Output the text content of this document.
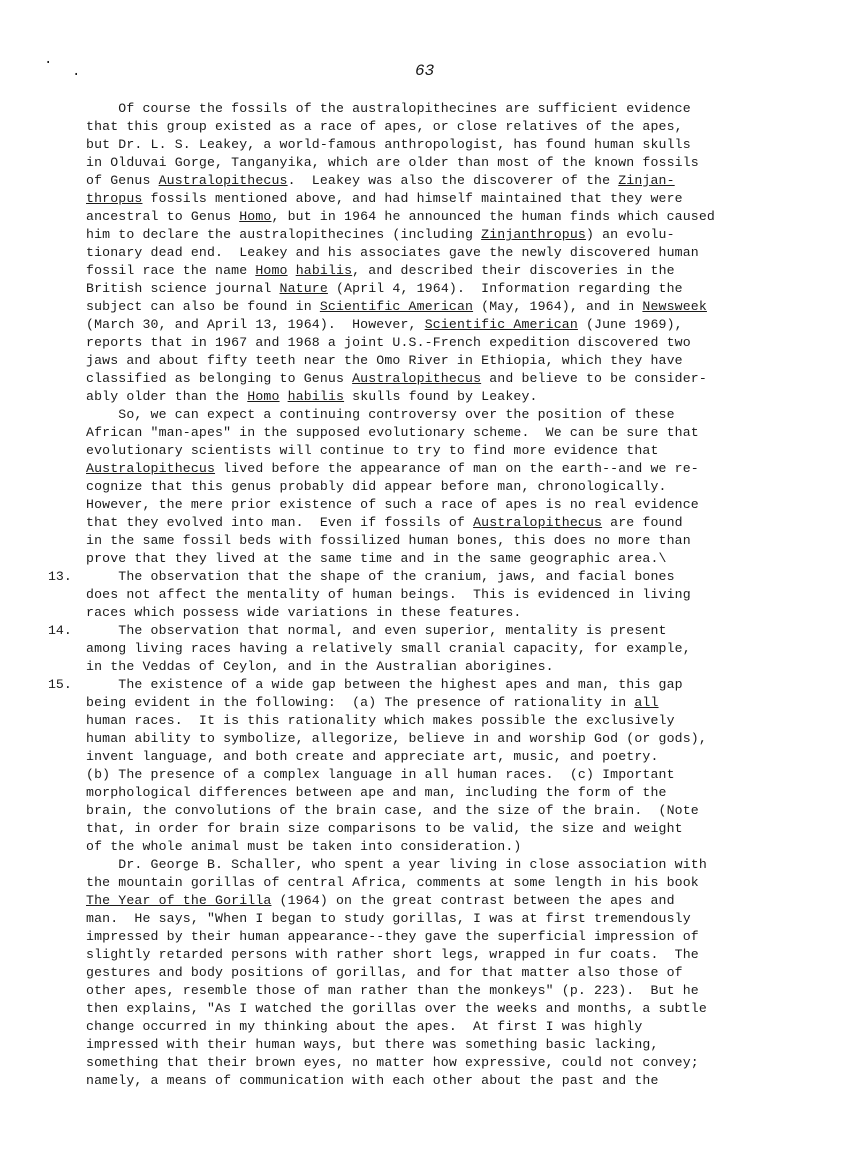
.
.	63
Of course the fossils of the australopithecines are sufficient evidence
that this group existed as a race of apes, or close relatives of the apes,
but Dr. L. S. Leakey, a world-famous anthropologist, has found human skulls
in Olduvai Gorge, Tanganyika, which are older than most of the known fossils
of Genus Australopithecus.  Leakey was also the discoverer of the Zinjan-
thropus fossils mentioned above, and had himself maintained that they were
ancestral to Genus Homo, but in 1964 he announced the human finds which caused
him to declare the australopithecines (including Zinjanthropus) an evolu-
tionary dead end.  Leakey and his associates gave the newly discovered human
fossil race the name Homo habilis, and described their discoveries in the
British science journal Nature (April 4, 1964).  Information regarding the
subject can also be found in Scientific American (May, 1964), and in Newsweek
(March 30, and April 13, 1964).  However, Scientific American (June 1969),
reports that in 1967 and 1968 a joint U.S.-French expedition discovered two
jaws and about fifty teeth near the Omo River in Ethiopia, which they have
classified as belonging to Genus Australopithecus and believe to be consider-
ably older than the Homo habilis skulls found by Leakey.
So, we can expect a continuing controversy over the position of these
African "man-apes" in the supposed evolutionary scheme.  We can be sure that
evolutionary scientists will continue to try to find more evidence that
Australopithecus lived before the appearance of man on the earth--and we re-
cognize that this genus probably did appear before man, chronologically.
However, the mere prior existence of such a race of apes is no real evidence
that they evolved into man.  Even if fossils of Australopithecus are found
in the same fossil beds with fossilized human bones, this does no more than
prove that they lived at the same time and in the same geographic area.\
13. The observation that the shape of the cranium, jaws, and facial bones
does not affect the mentality of human beings.  This is evidenced in living
races which possess wide variations in these features.
14. The observation that normal, and even superior, mentality is present
among living races having a relatively small cranial capacity, for example,
in the Veddas of Ceylon, and in the Australian aborigines.
15. The existence of a wide gap between the highest apes and man, this gap
being evident in the following:  (a) The presence of rationality in all
human races.  It is this rationality which makes possible the exclusively
human ability to symbolize, allegorize, believe in and worship God (or gods),
invent language, and both create and appreciate art, music, and poetry.
(b) The presence of a complex language in all human races.  (c) Important
morphological differences between ape and man, including the form of the
brain, the convolutions of the brain case, and the size of the brain.  (Note
that, in order for brain size comparisons to be valid, the size and weight
of the whole animal must be taken into consideration.)
Dr. George B. Schaller, who spent a year living in close association with
the mountain gorillas of central Africa, comments at some length in his book
The Year of the Gorilla (1964) on the great contrast between the apes and
man.  He says, "When I began to study gorillas, I was at first tremendously
impressed by their human appearance--they gave the superficial impression of
slightly retarded persons with rather short legs, wrapped in fur coats.  The
gestures and body positions of gorillas, and for that matter also those of
other apes, resemble those of man rather than the monkeys" (p. 223).  But he
then explains, "As I watched the gorillas over the weeks and months, a subtle
change occurred in my thinking about the apes.  At first I was highly
impressed with their human ways, but there was something basic lacking,
something that their brown eyes, no matter how expressive, could not convey;
namely, a means of communication with each other about the past and the
